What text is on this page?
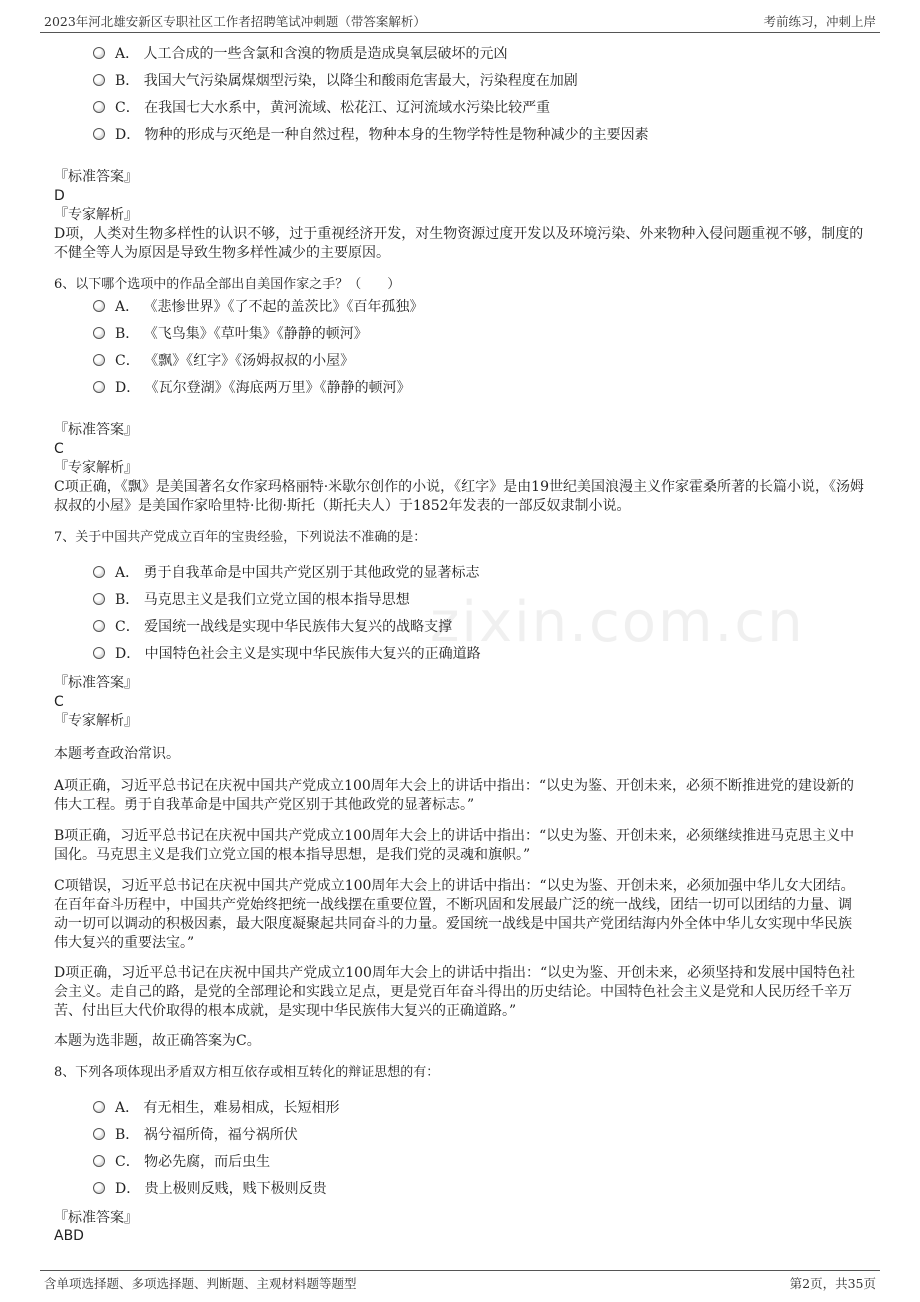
2023年河北雄安新区专职社区工作者招聘笔试冲刺题（带答案解析）	考前练习，冲刺上岸
zixin.com.cn
A． 人工合成的一些含氯和含溴的物质是造成臭氧层破坏的元凶
B． 我国大气污染属煤烟型污染，以降尘和酸雨危害最大，污染程度在加剧
C． 在我国七大水系中，黄河流域、松花江、辽河流域水污染比较严重
D． 物种的形成与灭绝是一种自然过程，物种本身的生物学特性是物种减少的主要因素
『标准答案』
D
『专家解析』
D项，人类对生物多样性的认识不够，过于重视经济开发，对生物资源过度开发以及环境污染、外来物种入侵问题重视不够，制度的不健全等人为原因是导致生物多样性减少的主要原因。
6、以下哪个选项中的作品全部出自美国作家之手？（　　）
A． 《悲惨世界》《了不起的盖茨比》《百年孤独》
B． 《飞鸟集》《草叶集》《静静的顿河》
C． 《飘》《红字》《汤姆叔叔的小屋》
D． 《瓦尔登湖》《海底两万里》《静静的顿河》
『标准答案』
C
『专家解析』
C项正确，《飘》是美国著名女作家玛格丽特·米歇尔创作的小说，《红字》是由19世纪美国浪漫主义作家霍桑所著的长篇小说，《汤姆叔叔的小屋》是美国作家哈里特·比彻·斯托（斯托夫人）于1852年发表的一部反奴隶制小说。
7、关于中国共产党成立百年的宝贵经验，下列说法不准确的是：
A． 勇于自我革命是中国共产党区别于其他政党的显著标志
B． 马克思主义是我们立党立国的根本指导思想
C． 爱国统一战线是实现中华民族伟大复兴的战略支撑
D． 中国特色社会主义是实现中华民族伟大复兴的正确道路
『标准答案』
C
『专家解析』
本题考查政治常识。
A项正确，习近平总书记在庆祝中国共产党成立100周年大会上的讲话中指出：“以史为鉴、开创未来，必须不断推进党的建设新的伟大工程。勇于自我革命是中国共产党区别于其他政党的显著标志。”
B项正确，习近平总书记在庆祝中国共产党成立100周年大会上的讲话中指出：“以史为鉴、开创未来，必须继续推进马克思主义中国化。马克思主义是我们立党立国的根本指导思想，是我们党的灵魂和旗帜。”
C项错误，习近平总书记在庆祝中国共产党成立100周年大会上的讲话中指出：“以史为鉴、开创未来，必须加强中华儿女大团结。在百年奋斗历程中，中国共产党始终把统一战线摆在重要位置，不断巩固和发展最广泛的统一战线，团结一切可以团结的力量、调动一切可以调动的积极因素，最大限度凝聚起共同奋斗的力量。爱国统一战线是中国共产党团结海内外全体中华儿女实现中华民族伟大复兴的重要法宝。”
D项正确，习近平总书记在庆祝中国共产党成立100周年大会上的讲话中指出：“以史为鉴、开创未来，必须坚持和发展中国特色社会主义。走自己的路，是党的全部理论和实践立足点，更是党百年奋斗得出的历史结论。中国特色社会主义是党和人民历经千辛万苦、付出巨大代价取得的根本成就，是实现中华民族伟大复兴的正确道路。”
本题为选非题，故正确答案为C。
8、下列各项体现出矛盾双方相互依存或相互转化的辩证思想的有：
A． 有无相生，难易相成，长短相形
B． 祸兮福所倚，福兮祸所伏
C． 物必先腐，而后虫生
D． 贵上极则反贱，贱下极则反贵
『标准答案』
ABD
含单项选择题、多项选择题、判断题、主观材料题等题型	第2页，共35页
